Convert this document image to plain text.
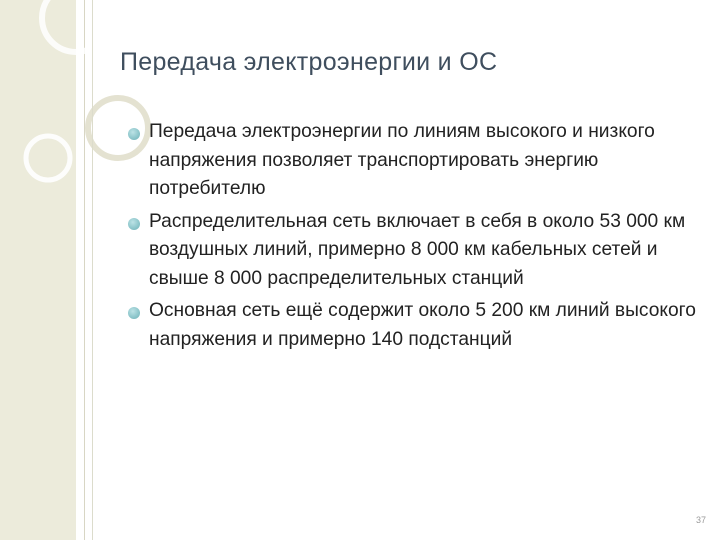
Передача электроэнергии и ОС
Передача электроэнергии по линиям высокого и низкого напряжения позволяет транспортировать энергию потребителю
Распределительная сеть включает в себя в около 53 000 км воздушных линий, примерно 8 000 км кабельных сетей и свыше 8 000 распределительных станций
Основная сеть ещё содержит около 5 200 км линий высокого напряжения и примерно 140 подстанций
37
